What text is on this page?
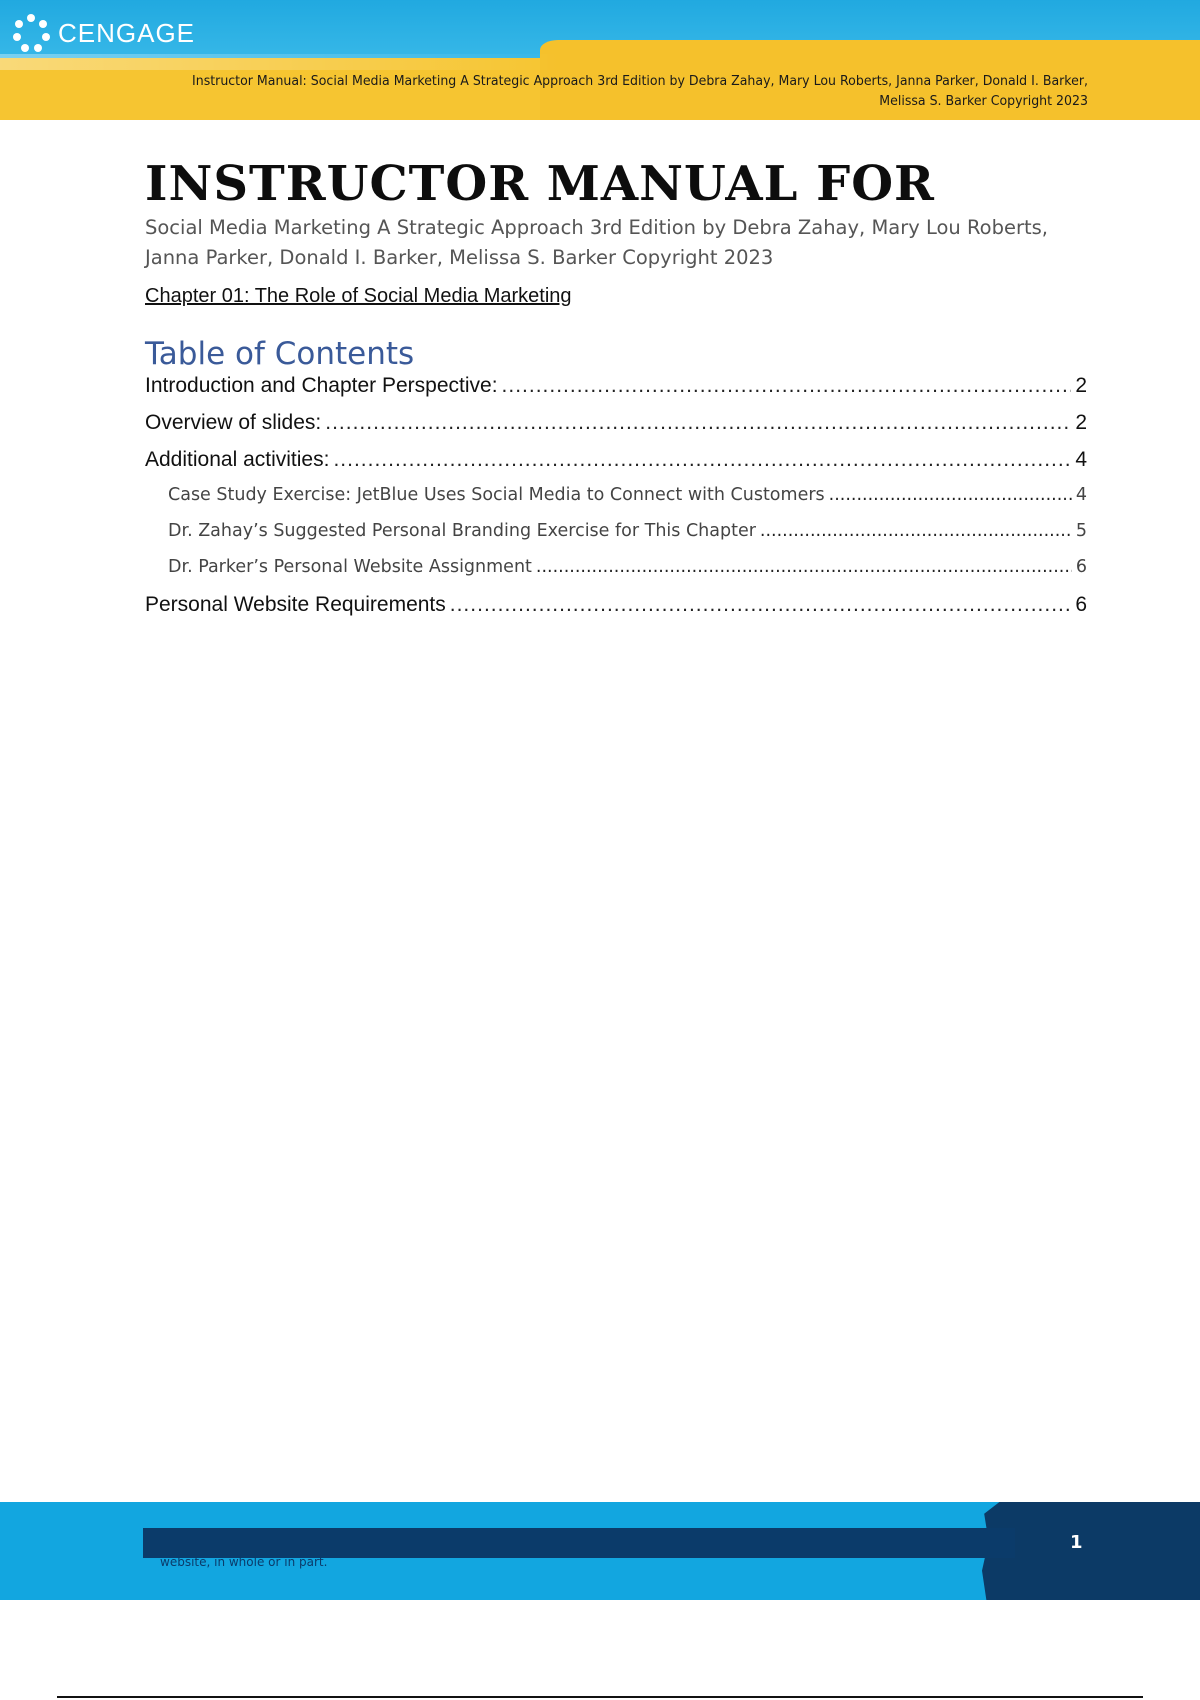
CENGAGE
Instructor Manual: Social Media Marketing A Strategic Approach 3rd Edition by Debra Zahay, Mary Lou Roberts, Janna Parker, Donald I. Barker, Melissa S. Barker Copyright 2023
INSTRUCTOR MANUAL FOR

Social Media Marketing A Strategic Approach 3rd Edition by Debra Zahay, Mary Lou Roberts, Janna Parker, Donald I. Barker, Melissa S. Barker Copyright 2023

Chapter 01: The Role of Social Media Marketing
Table of Contents
Introduction and Chapter Perspective: .....	2
Overview of slides: .....	2
Additional activities: .....	4
Case Study Exercise: JetBlue Uses Social Media to Connect with Customers .....	4
Dr. Zahay’s Suggested Personal Branding Exercise for This Chapter .....	5
Dr. Parker’s Personal Website Assignment .....	6
Personal Website Requirements .....	6
website, in whole or in part.
1
